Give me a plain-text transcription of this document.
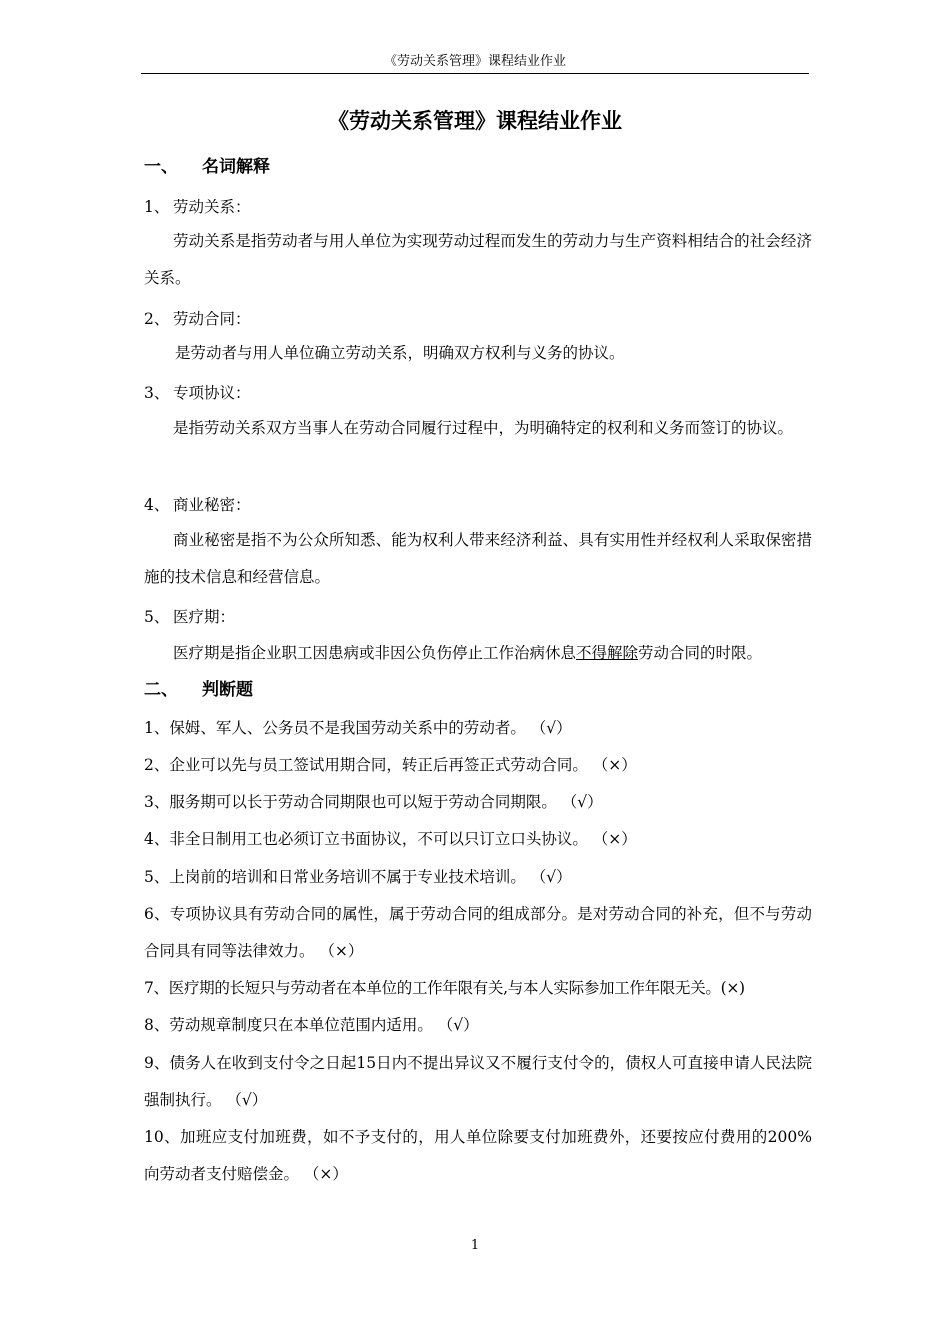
《劳动关系管理》课程结业作业
《劳动关系管理》课程结业作业
一、 名词解释
1、 劳动关系：
劳动关系是指劳动者与用人单位为实现劳动过程而发生的劳动力与生产资料相结合的社会经济关系。
2、 劳动合同：
是劳动者与用人单位确立劳动关系，明确双方权利与义务的协议。
3、 专项协议：
是指劳动关系双方当事人在劳动合同履行过程中，为明确特定的权利和义务而签订的协议。
4、 商业秘密：
商业秘密是指不为公众所知悉、能为权利人带来经济利益、具有实用性并经权利人采取保密措施的技术信息和经营信息。
5、 医疗期：
医疗期是指企业职工因患病或非因公负伤停止工作治病休息不得解除劳动合同的时限。
二、 判断题
1、保姆、军人、公务员不是我国劳动关系中的劳动者。 （√）
2、企业可以先与员工签试用期合同，转正后再签正式劳动合同。 （×）
3、服务期可以长于劳动合同期限也可以短于劳动合同期限。 （√）
4、非全日制用工也必须订立书面协议，不可以只订立口头协议。 （×）
5、上岗前的培训和日常业务培训不属于专业技术培训。 （√）
6、专项协议具有劳动合同的属性，属于劳动合同的组成部分。是对劳动合同的补充，但不与劳动合同具有同等法律效力。 （×）
7、医疗期的长短只与劳动者在本单位的工作年限有关,与本人实际参加工作年限无关。(×)
8、劳动规章制度只在本单位范围内适用。 （√）
9、债务人在收到支付令之日起15日内不提出异议又不履行支付令的，债权人可直接申请人民法院强制执行。 （√）
10、加班应支付加班费，如不予支付的，用人单位除要支付加班费外，还要按应付费用的200%向劳动者支付赔偿金。 （×）
1
